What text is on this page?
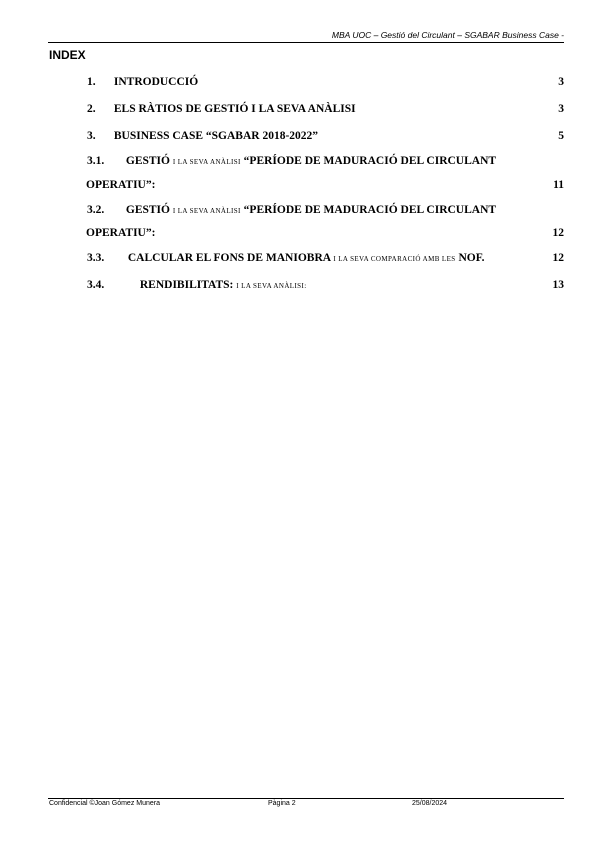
MBA UOC – Gestió del Circulant – SGABAR Business Case -
INDEX
1. INTRODUCCIÓ	3
2. ELS RÀTIOS DE GESTIÓ I LA SEVA ANÀLISI	3
3. BUSINESS CASE “SGABAR 2018-2022”	5
3.1. GESTIÓ I LA SEVA ANÀLISI “PERÍODE DE MADURACIÓ DEL CIRCULANT
OPERATIU”:	11
3.2. GESTIÓ I LA SEVA ANÀLISI “PERÍODE DE MADURACIÓ DEL CIRCULANT
OPERATIU”:	12
3.3. CALCULAR EL FONS DE MANIOBRA I LA SEVA COMPARACIÓ AMB LES NOF.	12
3.4.	RENDIBILITATS: I LA SEVA ANÀLISI:	13
Confidencial ©Joan Gómez Munera	Pàgina 2	25/08/2024
